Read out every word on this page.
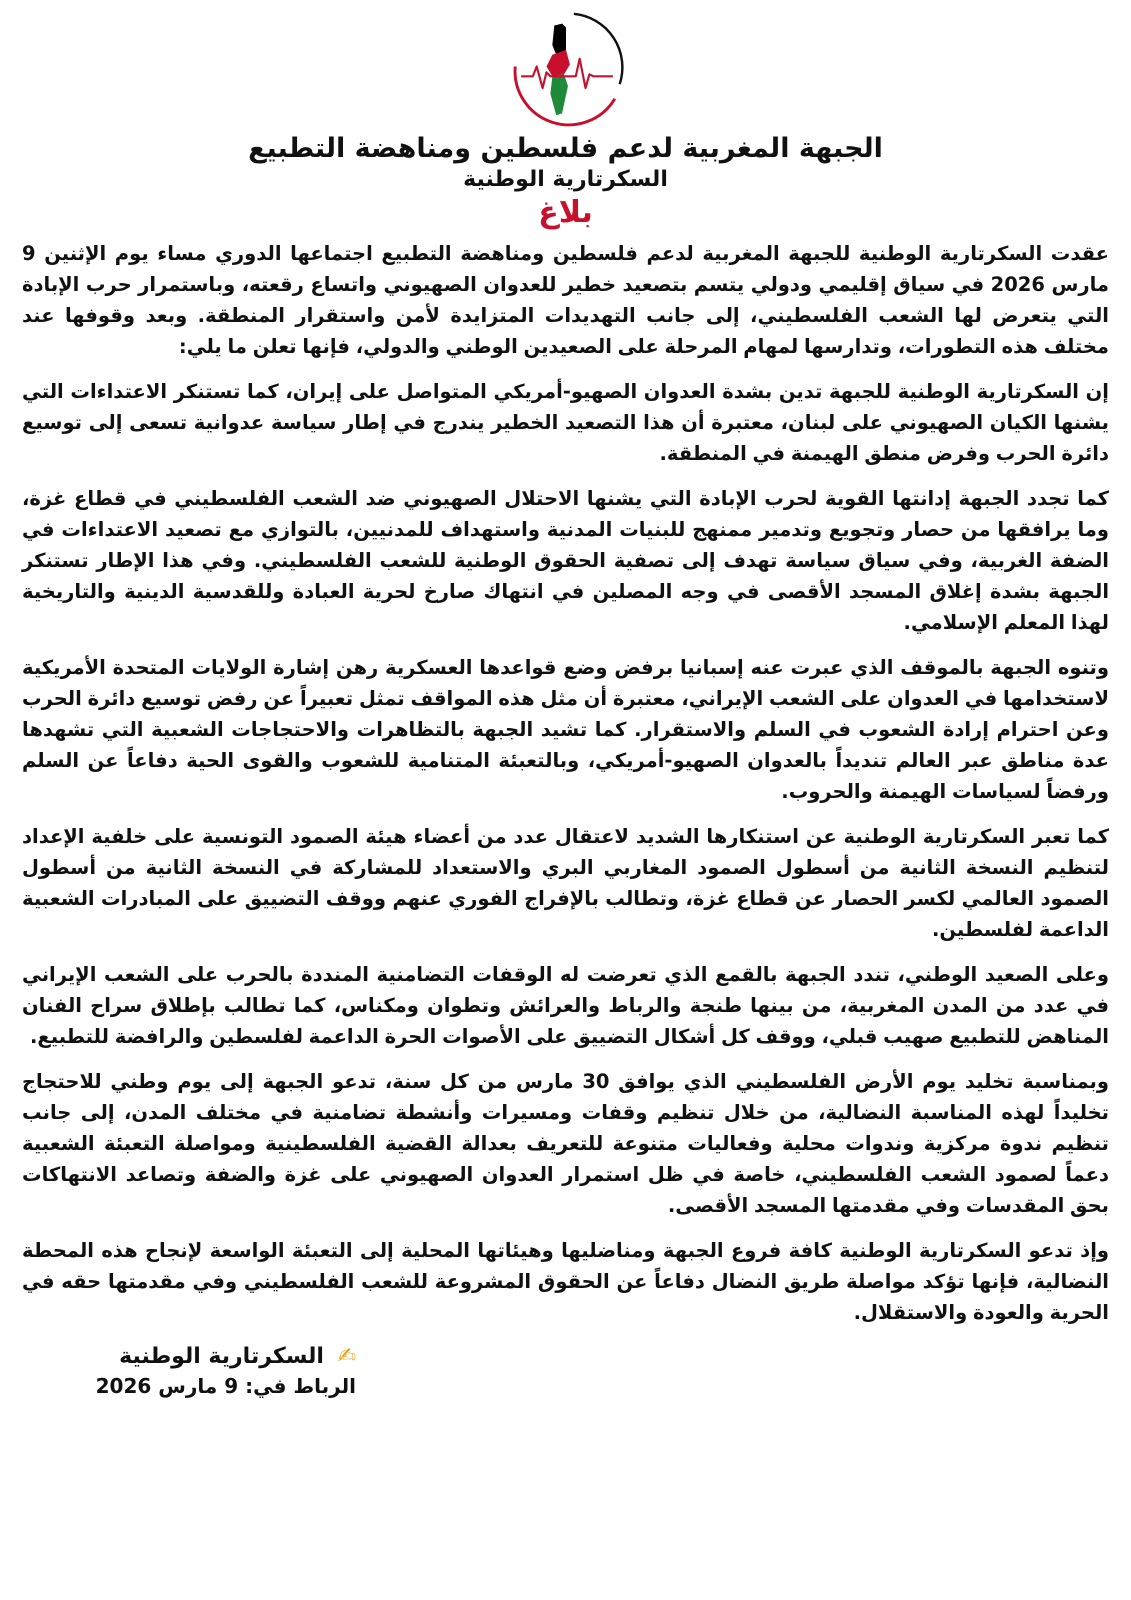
الجبهة المغربية لدعم فلسطين ومناهضة التطبيع
السكرتارية الوطنية
بلاغ

عقدت السكرتارية الوطنية للجبهة المغربية لدعم فلسطين ومناهضة التطبيع اجتماعها الدوري مساء يوم الإثنين 9 مارس 2026 في سياق إقليمي ودولي يتسم بتصعيد خطير للعدوان الصهيوني واتساع رقعته، وباستمرار حرب الإبادة التي يتعرض لها الشعب الفلسطيني، إلى جانب التهديدات المتزايدة لأمن واستقرار المنطقة. وبعد وقوفها عند مختلف هذه التطورات، وتدارسها لمهام المرحلة على الصعيدين الوطني والدولي، فإنها تعلن ما يلي:

إن السكرتارية الوطنية للجبهة تدين بشدة العدوان الصهيو-أمريكي المتواصل على إيران، كما تستنكر الاعتداءات التي يشنها الكيان الصهيوني على لبنان، معتبرة أن هذا التصعيد الخطير يندرج في إطار سياسة عدوانية تسعى إلى توسيع دائرة الحرب وفرض منطق الهيمنة في المنطقة.

كما تجدد الجبهة إدانتها القوية لحرب الإبادة التي يشنها الاحتلال الصهيوني ضد الشعب الفلسطيني في قطاع غزة، وما يرافقها من حصار وتجويع وتدمير ممنهج للبنيات المدنية واستهداف للمدنيين، بالتوازي مع تصعيد الاعتداءات في الضفة الغربية، وفي سياق سياسة تهدف إلى تصفية الحقوق الوطنية للشعب الفلسطيني. وفي هذا الإطار تستنكر الجبهة بشدة إغلاق المسجد الأقصى في وجه المصلين في انتهاك صارخ لحرية العبادة وللقدسية الدينية والتاريخية لهذا المعلم الإسلامي.

وتنوه الجبهة بالموقف الذي عبرت عنه إسبانيا برفض وضع قواعدها العسكرية رهن إشارة الولايات المتحدة الأمريكية لاستخدامها في العدوان على الشعب الإيراني، معتبرة أن مثل هذه المواقف تمثل تعبيراً عن رفض توسيع دائرة الحرب وعن احترام إرادة الشعوب في السلم والاستقرار. كما تشيد الجبهة بالتظاهرات والاحتجاجات الشعبية التي تشهدها عدة مناطق عبر العالم تنديداً بالعدوان الصهيو-أمريكي، وبالتعبئة المتنامية للشعوب والقوى الحية دفاعاً عن السلم ورفضاً لسياسات الهيمنة والحروب.

كما تعبر السكرتارية الوطنية عن استنكارها الشديد لاعتقال عدد من أعضاء هيئة الصمود التونسية على خلفية الإعداد لتنظيم النسخة الثانية من أسطول الصمود المغاربي البري والاستعداد للمشاركة في النسخة الثانية من أسطول الصمود العالمي لكسر الحصار عن قطاع غزة، وتطالب بالإفراج الفوري عنهم ووقف التضييق على المبادرات الشعبية الداعمة لفلسطين.

وعلى الصعيد الوطني، تندد الجبهة بالقمع الذي تعرضت له الوقفات التضامنية المنددة بالحرب على الشعب الإيراني في عدد من المدن المغربية، من بينها طنجة والرباط والعرائش وتطوان ومكناس، كما تطالب بإطلاق سراح الفنان المناهض للتطبيع صهيب قبلي، ووقف كل أشكال التضييق على الأصوات الحرة الداعمة لفلسطين والرافضة للتطبيع.

وبمناسبة تخليد يوم الأرض الفلسطيني الذي يوافق 30 مارس من كل سنة، تدعو الجبهة إلى يوم وطني للاحتجاج تخليداً لهذه المناسبة النضالية، من خلال تنظيم وقفات ومسيرات وأنشطة تضامنية في مختلف المدن، إلى جانب تنظيم ندوة مركزية وندوات محلية وفعاليات متنوعة للتعريف بعدالة القضية الفلسطينية ومواصلة التعبئة الشعبية دعماً لصمود الشعب الفلسطيني، خاصة في ظل استمرار العدوان الصهيوني على غزة والضفة وتصاعد الانتهاكات بحق المقدسات وفي مقدمتها المسجد الأقصى.

وإذ تدعو السكرتارية الوطنية كافة فروع الجبهة ومناضليها وهيئاتها المحلية إلى التعبئة الواسعة لإنجاح هذه المحطة النضالية، فإنها تؤكد مواصلة طريق النضال دفاعاً عن الحقوق المشروعة للشعب الفلسطيني وفي مقدمتها حقه في الحرية والعودة والاستقلال.

✍ السكرتارية الوطنية
الرباط في: 9 مارس 2026
